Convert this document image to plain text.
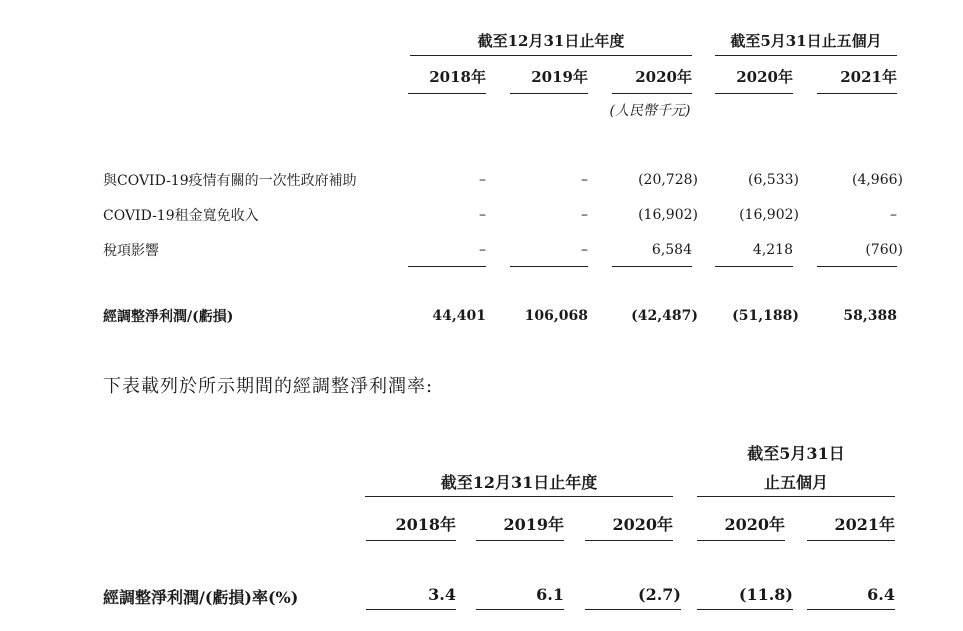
截至12月31日止年度	截至5月31日止五個月
2018年	2019年	2020年	2020年	2021年
(人民幣千元)
與COVID-19疫情有關的一次性政府補助	–	–	(20,728)	(6,533)	(4,966)
COVID-19租金寬免收入	–	–	(16,902)	(16,902)	–
稅項影響	–	–	6,584	4,218	(760)
經調整淨利潤/(虧損)	44,401	106,068	(42,487)	(51,188)	58,388
下表載列於所示期間的經調整淨利潤率:
截至5月31日
止五個月
截至12月31日止年度
2018年	2019年	2020年	2020年	2021年
經調整淨利潤/(虧損)率(%)	3.4	6.1	(2.7)	(11.8)	6.4
